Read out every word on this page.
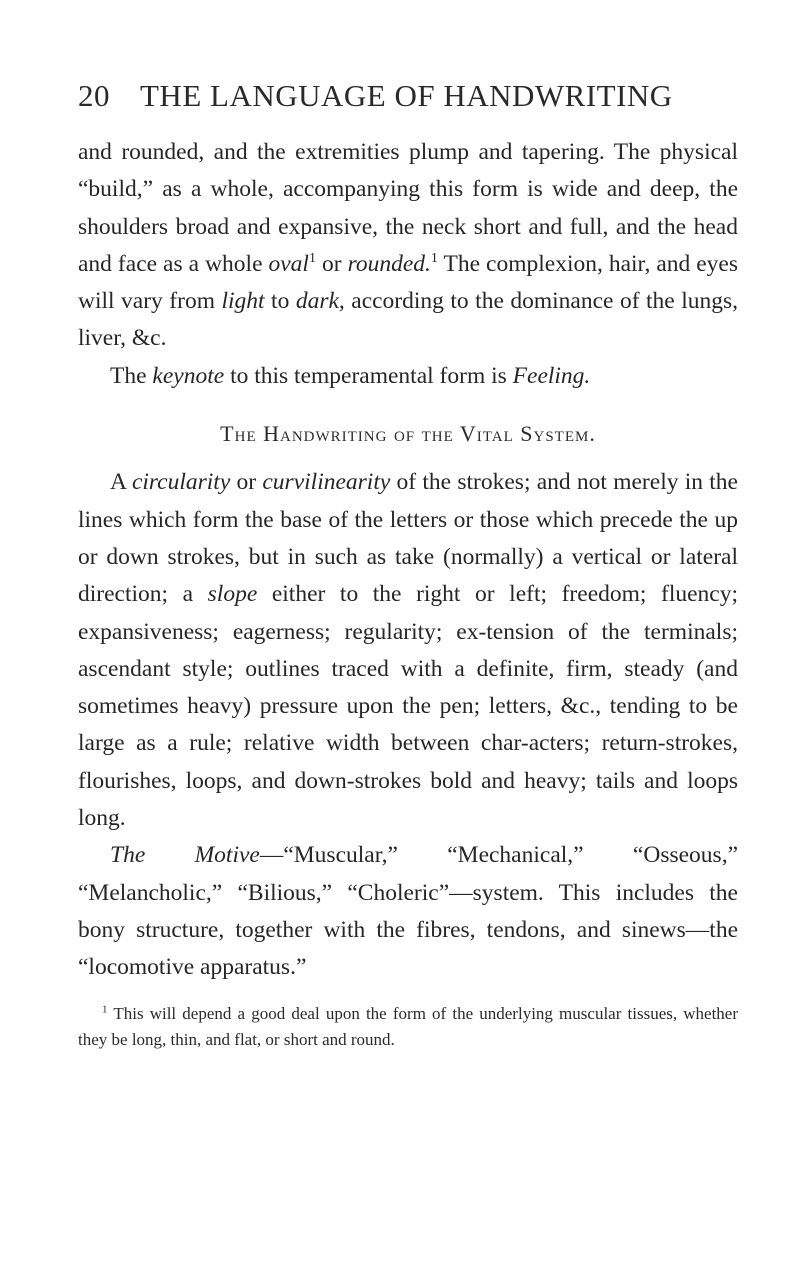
20 THE LANGUAGE OF HANDWRITING

and rounded, and the extremities plump and tapering. The physical “build,” as a whole, accompanying this form is wide and deep, the shoulders broad and expansive, the neck short and full, and the head and face as a whole oval$^1$ or rounded.$^1$ The complexion, hair, and eyes will vary from light to dark, according to the dominance of the lungs, liver, &c.

The keynote to this temperamental form is Feeling.

The Handwriting of the Vital System.

A circularity or curvilinearity of the strokes; and not merely in the lines which form the base of the letters or those which precede the up or down strokes, but in such as take (normally) a vertical or lateral direction; a slope either to the right or left; freedom; fluency; expansiveness; eagerness; regularity; ex-tension of the terminals; ascendant style; outlines traced with a definite, firm, steady (and sometimes heavy) pressure upon the pen; letters, &c., tending to be large as a rule; relative width between char-acters; return-strokes, flourishes, loops, and down-strokes bold and heavy; tails and loops long.

The Motive—“Muscular,” “Mechanical,” “Osseous,” “Melancholic,” “Bilious,” “Choleric”—system. This includes the bony structure, together with the fibres, tendons, and sinews—the “locomotive apparatus.”

$^1$ This will depend a good deal upon the form of the underlying muscular tissues, whether they be long, thin, and flat, or short and round.
